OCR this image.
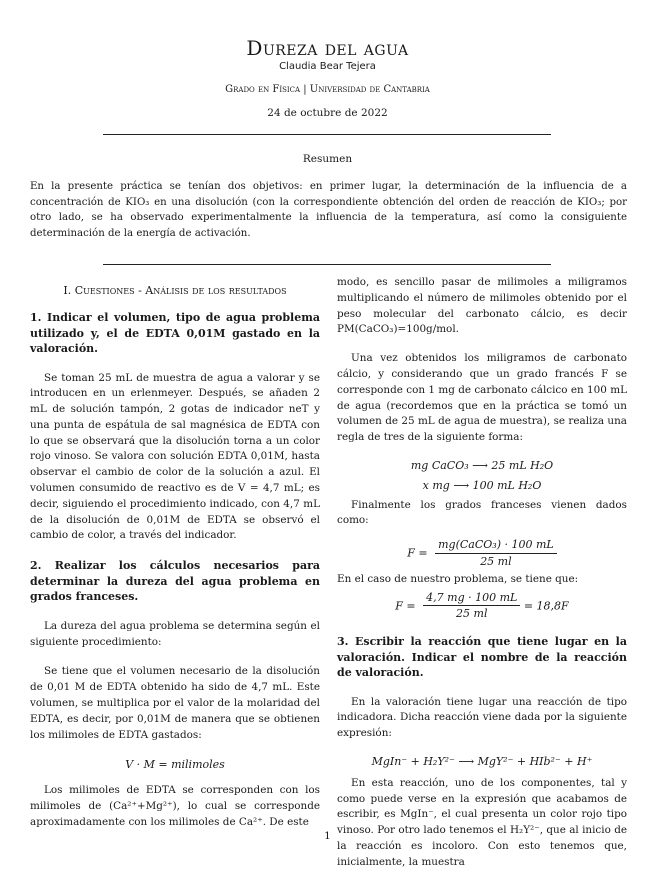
Dureza del agua
Claudia Bear Tejera
Grado en Física | Universidad de Cantabria
24 de octubre de 2022
Resumen
En la presente práctica se tenían dos objetivos: en primer lugar, la determinación de la influencia de a concentración de KIO₃ en una disolución (con la correspondiente obtención del orden de reacción de KIO₃; por otro lado, se ha observado experimentalmente la influencia de la temperatura, así como la consiguiente determinación de la energía de activación.
I. Cuestiones - Análisis de los resultados
1. Indicar el volumen, tipo de agua problema utilizado y, el de EDTA 0,01M gastado en la valoración.
Se toman 25 mL de muestra de agua a valorar y se introducen en un erlenmeyer. Después, se añaden 2 mL de solución tampón, 2 gotas de indicador neT y una punta de espátula de sal magnésica de EDTA con lo que se observará que la disolución torna a un color rojo vinoso. Se valora con solución EDTA 0,01M, hasta observar el cambio de color de la solución a azul. El volumen consumido de reactivo es de V = 4,7 mL; es decir, siguiendo el procedimiento indicado, con 4,7 mL de la disolución de 0,01M de EDTA se observó el cambio de color, a través del indicador.
2. Realizar los cálculos necesarios para determinar la dureza del agua problema en grados franceses.
La dureza del agua problema se determina según el siguiente procedimiento:
Se tiene que el volumen necesario de la disolución de 0,01 M de EDTA obtenido ha sido de 4,7 mL. Este volumen, se multiplica por el valor de la molaridad del EDTA, es decir, por 0,01M de manera que se obtienen los milimoles de EDTA gastados:
V · M = milimoles
Los milimoles de EDTA se corresponden con los milimoles de (Ca²⁺+Mg²⁺), lo cual se corresponde aproximadamente con los milimoles de Ca²⁺. De este
modo, es sencillo pasar de milimoles a miligramos multiplicando el número de milimoles obtenido por el peso molecular del carbonato cálcio, es decir PM(CaCO₃)=100g/mol.
Una vez obtenidos los miligramos de carbonato cálcio, y considerando que un grado francés F se corresponde con 1 mg de carbonato cálcico en 100 mL de agua (recordemos que en la práctica se tomó un volumen de 25 mL de agua de muestra), se realiza una regla de tres de la siguiente forma:
mg CaCO₃ ⟶ 25 mL H₂O
x mg ⟶ 100 mL H₂O
Finalmente los grados franceses vienen dados como:
$F = \frac{\text{mg(CaCO₃) · 100 mL}}{25 ml}$
En el caso de nuestro problema, se tiene que:
$F = \frac{4,7 mg \cdot 100 mL}{25 ml} = 18,8F$
3. Escribir la reacción que tiene lugar en la valoración. Indicar el nombre de la reacción de valoración.
En la valoración tiene lugar una reacción de tipo indicadora. Dicha reacción viene dada por la siguiente expresión:
MgIn⁻ + H₂Y²⁻ ⟶ MgY²⁻ + HIb²⁻ + H⁺
En esta reacción, uno de los componentes, tal y como puede verse en la expresión que acabamos de escribir, es MgIn⁻, el cual presenta un color rojo tipo vinoso. Por otro lado tenemos el H₂Y²⁻, que al inicio de la reacción es incoloro. Con esto tenemos que, inicialmente, la muestra
1
